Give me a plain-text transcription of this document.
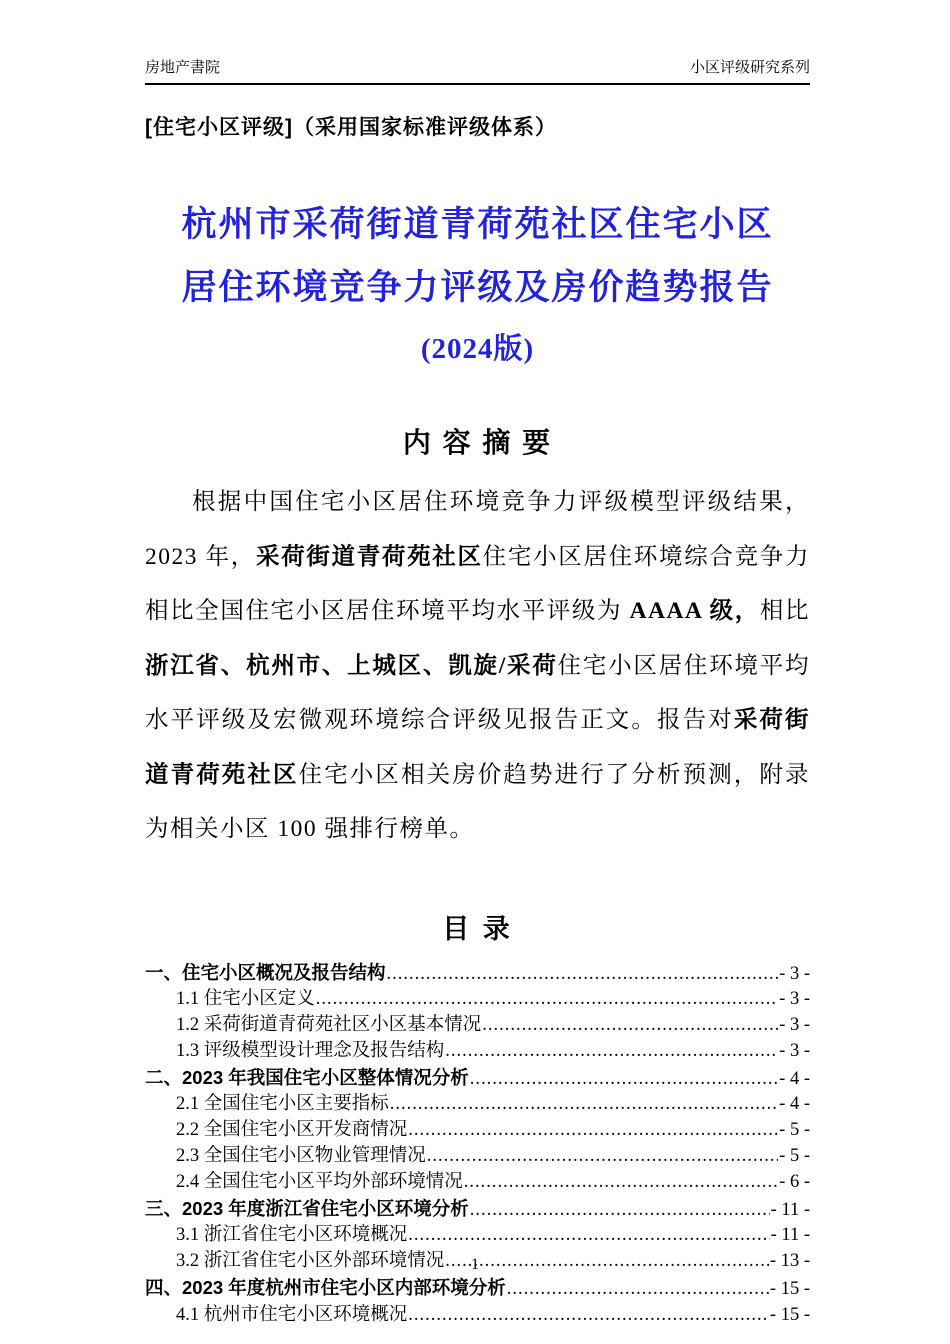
房地产書院	小区评级研究系列
[住宅小区评级]（采用国家标准评级体系）
杭州市采荷街道青荷苑社区住宅小区
居住环境竞争力评级及房价趋势报告
(2024版)
内 容 摘 要
根据中国住宅小区居住环境竞争力评级模型评级结果，2023 年，采荷街道青荷苑社区住宅小区居住环境综合竞争力相比全国住宅小区居住环境平均水平评级为 AAAA 级，相比浙江省、杭州市、上城区、凯旋/采荷住宅小区居住环境平均水平评级及宏微观环境综合评级见报告正文。报告对采荷街道青荷苑社区住宅小区相关房价趋势进行了分析预测，附录为相关小区 100 强排行榜单。
目 录
一、住宅小区概况及报告结构 .....	- 3 -
1.1 住宅小区定义 .....	- 3 -
1.2 采荷街道青荷苑社区小区基本情况 .....	- 3 -
1.3 评级模型设计理念及报告结构 .....	- 3 -
二、2023 年我国住宅小区整体情况分析 .....	- 4 -
2.1 全国住宅小区主要指标 .....	- 4 -
2.2 全国住宅小区开发商情况 .....	- 5 -
2.3 全国住宅小区物业管理情况 .....	- 5 -
2.4 全国住宅小区平均外部环境情况 .....	- 6 -
三、2023 年度浙江省住宅小区环境分析 .....	- 11 -
3.1 浙江省住宅小区环境概况 .....	- 11 -
3.2 浙江省住宅小区外部环境情况 .....	- 13 -
四、2023 年度杭州市住宅小区内部环境分析 .....	- 15 -
4.1 杭州市住宅小区环境概况 .....	- 15 -
1
